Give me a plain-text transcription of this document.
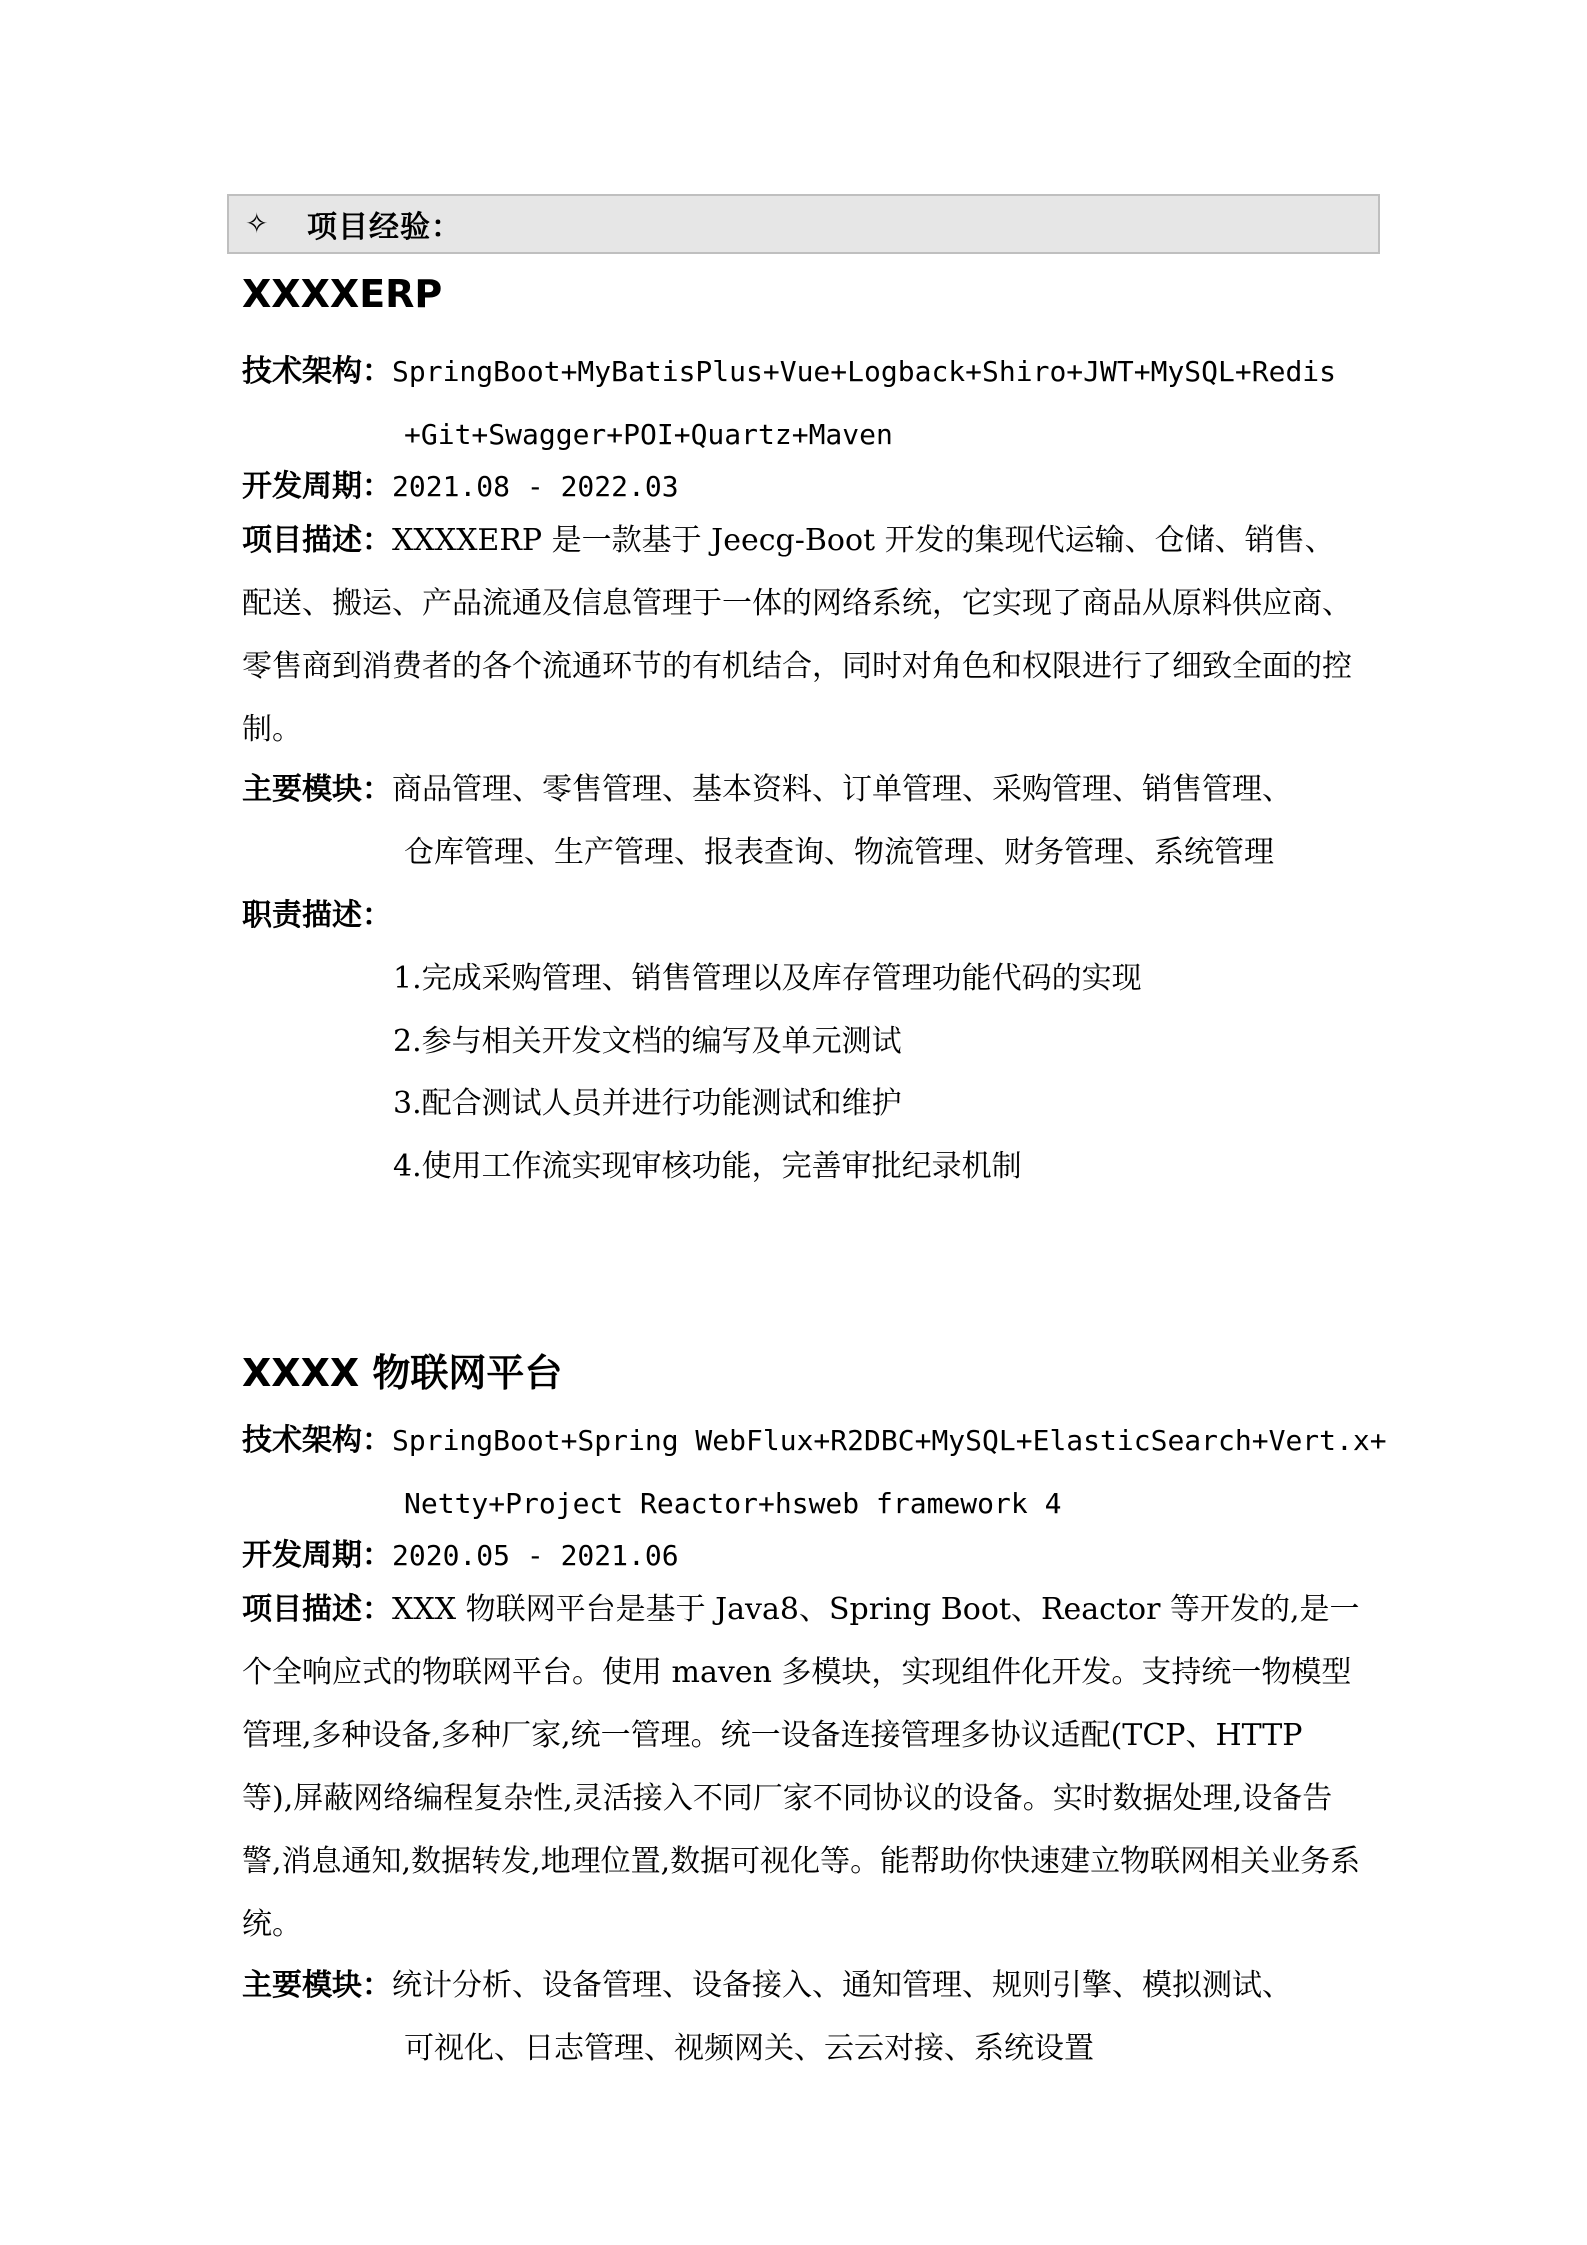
✧ 项目经验：
XXXXERP
技术架构：SpringBoot+MyBatisPlus+Vue+Logback+Shiro+JWT+MySQL+Redis
+Git+Swagger+POI+Quartz+Maven
开发周期：2021.08 - 2022.03
项目描述：XXXXERP 是一款基于 Jeecg-Boot 开发的集现代运输、仓储、销售、配送、搬运、产品流通及信息管理于一体的网络系统，它实现了商品从原料供应商、零售商到消费者的各个流通环节的有机结合，同时对角色和权限进行了细致全面的控制。
主要模块：商品管理、零售管理、基本资料、订单管理、采购管理、销售管理、
仓库管理、生产管理、报表查询、物流管理、财务管理、系统管理
职责描述：
1.完成采购管理、销售管理以及库存管理功能代码的实现
2.参与相关开发文档的编写及单元测试
3.配合测试人员并进行功能测试和维护
4.使用工作流实现审核功能，完善审批纪录机制
XXXX 物联网平台
技术架构：SpringBoot+Spring WebFlux+R2DBC+MySQL+ElasticSearch+Vert.x+
Netty+Project Reactor+hsweb framework 4
开发周期：2020.05 - 2021.06
项目描述：XXX 物联网平台是基于 Java8、Spring Boot、Reactor 等开发的,是一个全响应式的物联网平台。使用 maven 多模块，实现组件化开发。支持统一物模型管理,多种设备,多种厂家,统一管理。统一设备连接管理多协议适配(TCP、HTTP 等),屏蔽网络编程复杂性,灵活接入不同厂家不同协议的设备。实时数据处理,设备告警,消息通知,数据转发,地理位置,数据可视化等。能帮助你快速建立物联网相关业务系统。
主要模块：统计分析、设备管理、设备接入、通知管理、规则引擎、模拟测试、
可视化、日志管理、视频网关、云云对接、系统设置
